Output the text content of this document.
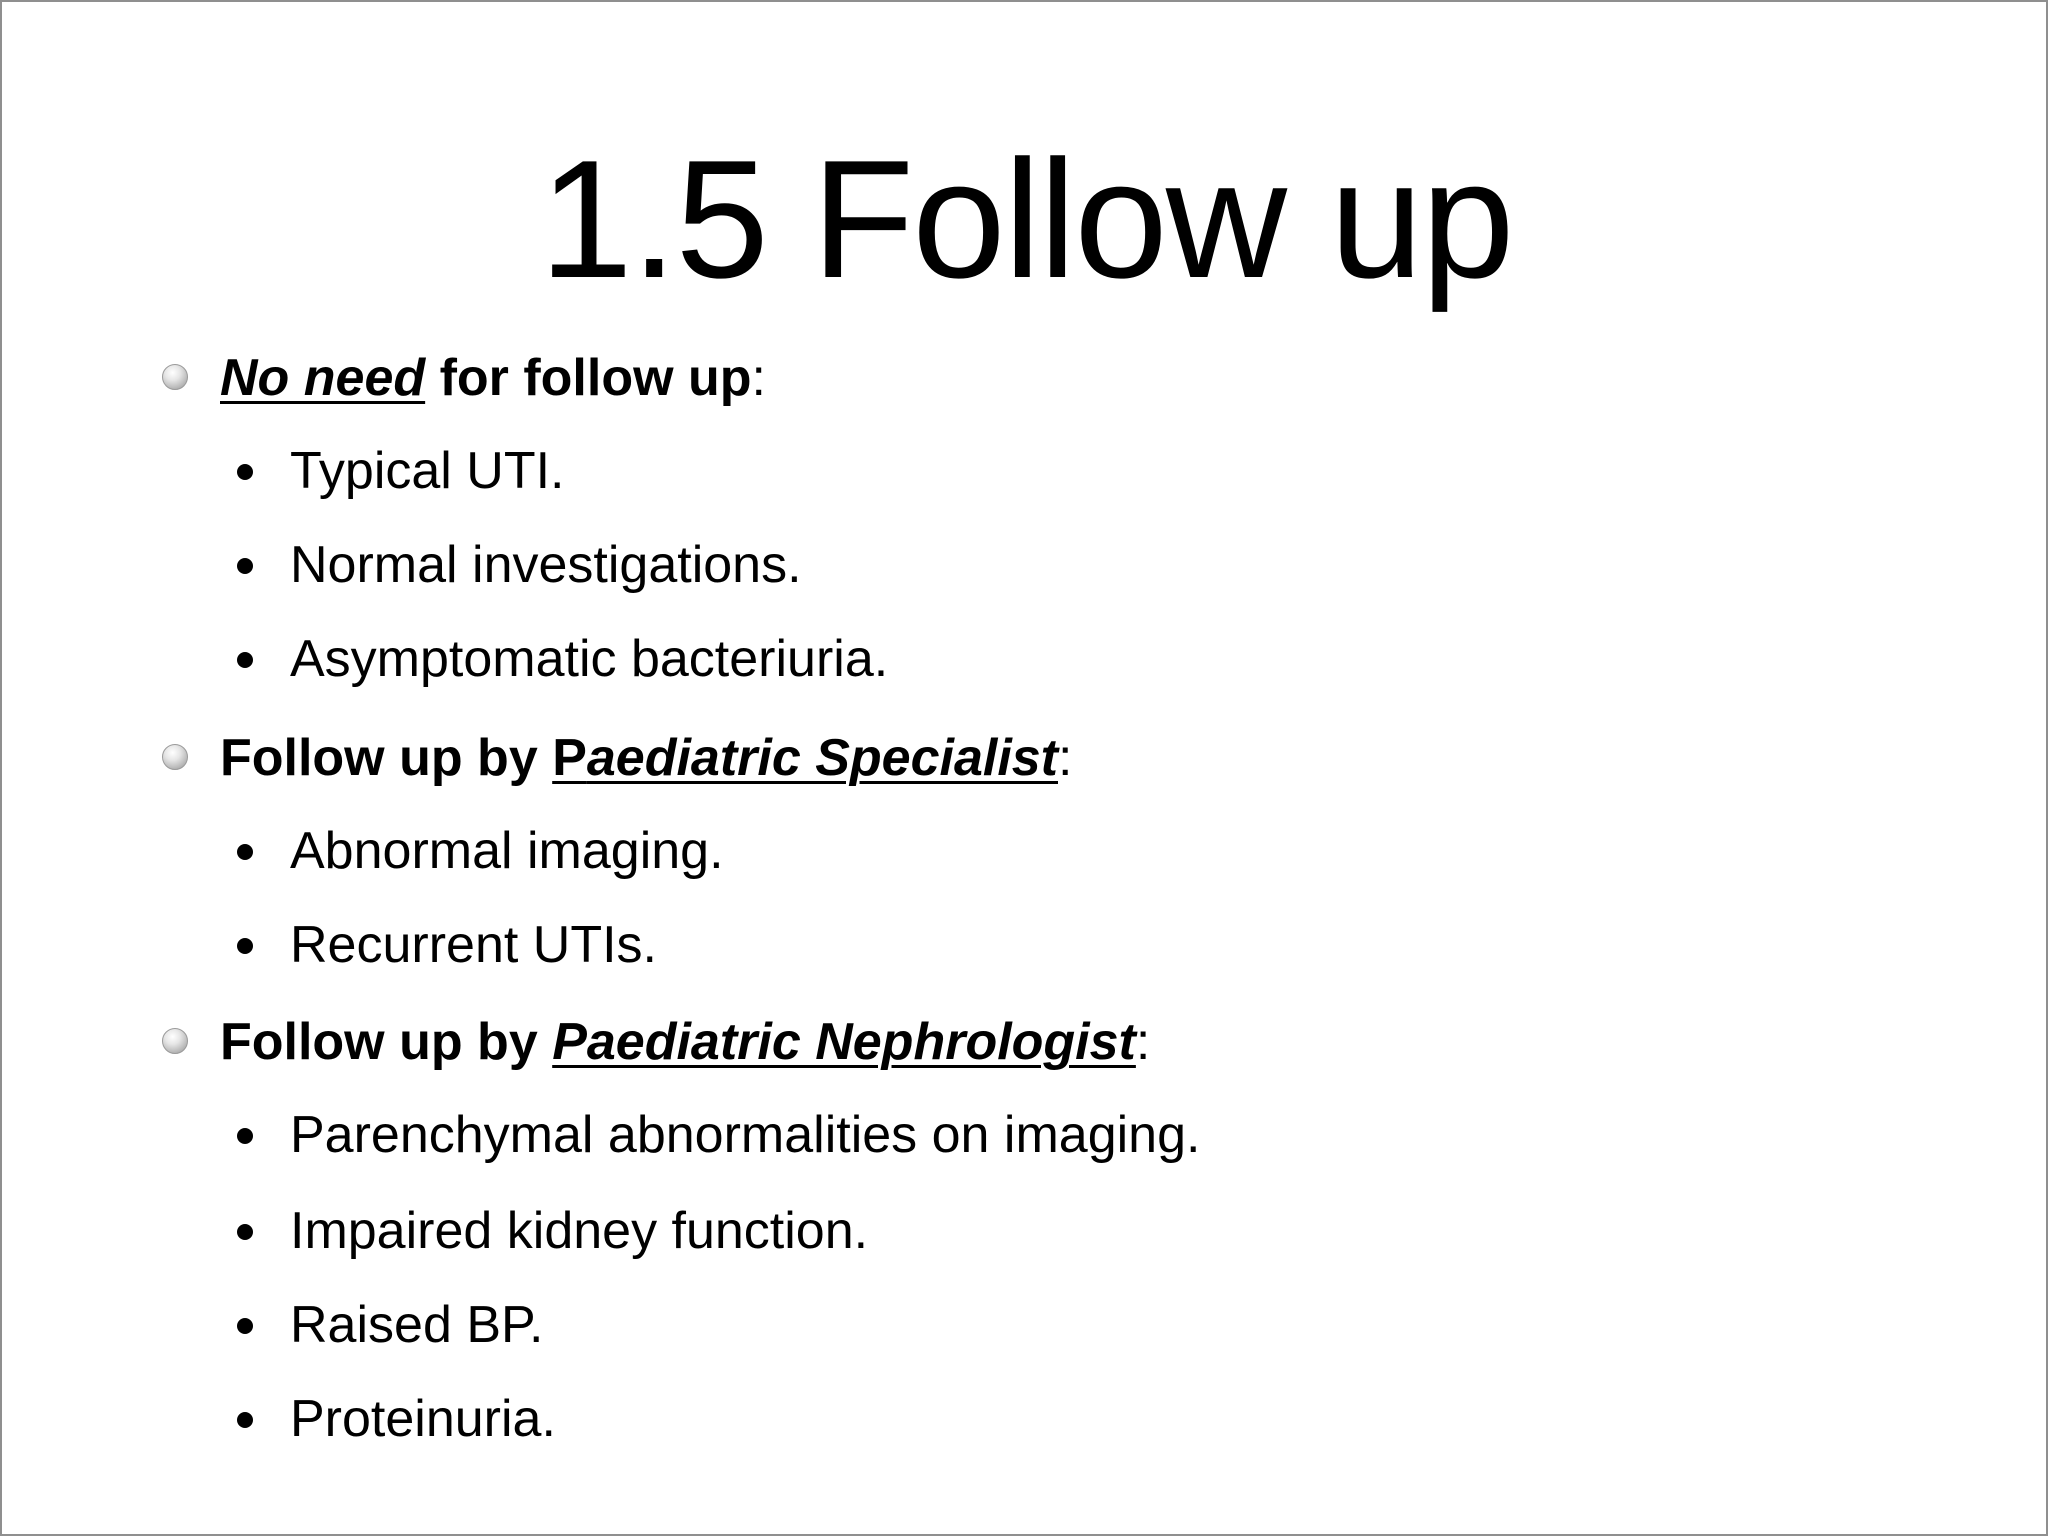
1.5 Follow up
No need for follow up:
Typical UTI.
Normal investigations.
Asymptomatic bacteriuria.
Follow up by Paediatric Specialist:
Abnormal imaging.
Recurrent UTIs.
Follow up by Paediatric Nephrologist:
Parenchymal abnormalities on imaging.
Impaired kidney function.
Raised BP.
Proteinuria.
